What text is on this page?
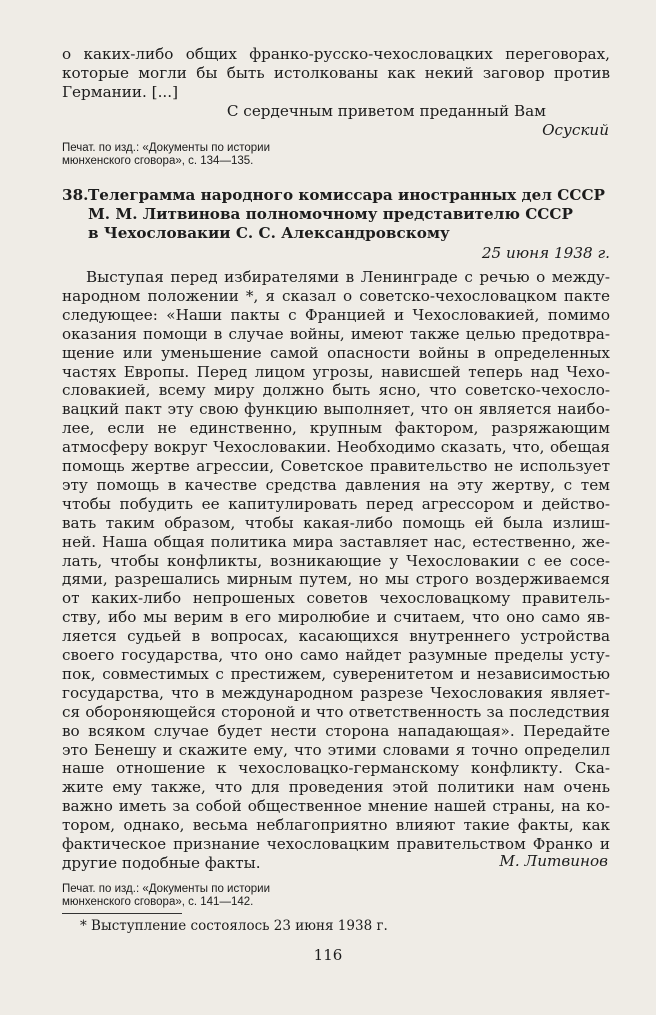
о каких-либо общих франко-русско-чехословацких переговорах,
которые могли бы быть истолкованы как некий заговор против
Германии. [...]
С сердечным приветом преданный Вам
Осуский
Печат. по изд.: «Документы по истории
мюнхенского сговора», с. 134—135.
38. Телеграмма народного комиссара иностранных дел СССР
М. М. Литвинова полномочному представителю СССР
в Чехословакии С. С. Александровскому
25 июня 1938 г.
Выступая перед избирателями в Ленинграде с речью о между-
народном положении *, я сказал о советско-чехословацком пакте
следующее: «Наши пакты с Францией и Чехословакией, помимо
оказания помощи в случае войны, имеют также целью предотвра-
щение или уменьшение самой опасности войны в определенных
частях Европы. Перед лицом угрозы, нависшей теперь над Чехо-
словакией, всему миру должно быть ясно, что советско-чехосло-
вацкий пакт эту свою функцию выполняет, что он является наибо-
лее, если не единственно, крупным фактором, разряжающим
атмосферу вокруг Чехословакии. Необходимо сказать, что, обещая
помощь жертве агрессии, Советское правительство не использует
эту помощь в качестве средства давления на эту жертву, с тем
чтобы побудить ее капитулировать перед агрессором и действо-
вать таким образом, чтобы какая-либо помощь ей была излиш-
ней. Наша общая политика мира заставляет нас, естественно, же-
лать, чтобы конфликты, возникающие у Чехословакии с ее сосе-
дями, разрешались мирным путем, но мы строго воздерживаемся
от каких-либо непрошеных советов чехословацкому правитель-
ству, ибо мы верим в его миролюбие и считаем, что оно само яв-
ляется судьей в вопросах, касающихся внутреннего устройства
своего государства, что оно само найдет разумные пределы усту-
пок, совместимых с престижем, суверенитетом и независимостью
государства, что в международном разрезе Чехословакия являет-
ся обороняющейся стороной и что ответственность за последствия
во всяком случае будет нести сторона нападающая». Передайте
это Бенешу и скажите ему, что этими словами я точно определил
наше отношение к чехословацко-германскому конфликту. Ска-
жите ему также, что для проведения этой политики нам очень
важно иметь за собой общественное мнение нашей страны, на ко-
тором, однако, весьма неблагоприятно влияют такие факты, как
фактическое признание чехословацким правительством Франко и
другие подобные факты.	М. Литвинов
Печат. по изд.: «Документы по истории
мюнхенского сговора», с. 141—142.
* Выступление состоялось 23 июня 1938 г.
116
